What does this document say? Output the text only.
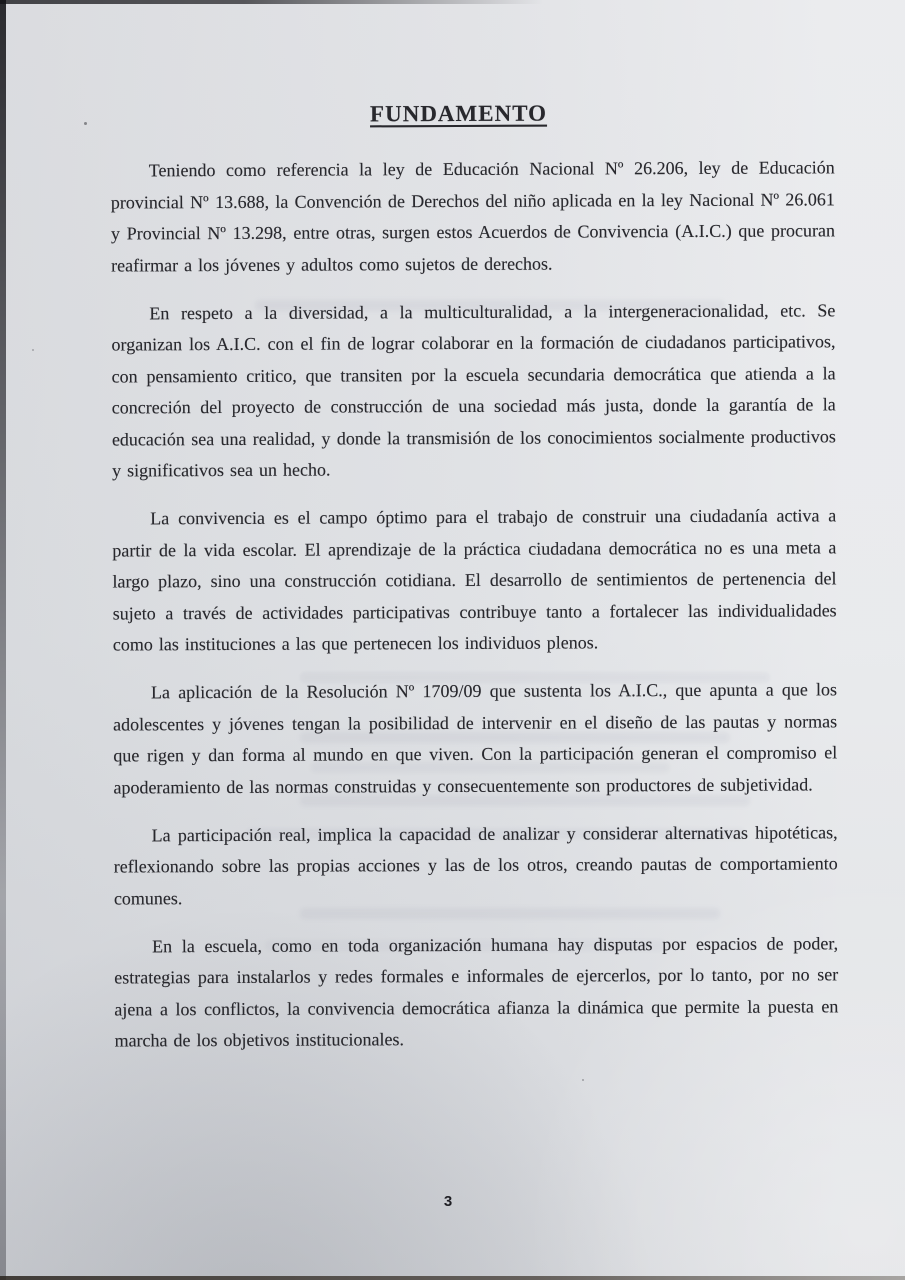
FUNDAMENTO

Teniendo como referencia la ley de Educación Nacional Nº 26.206, ley de Educación provincial Nº 13.688, la Convención de Derechos del niño aplicada en la ley Nacional Nº 26.061 y Provincial Nº 13.298, entre otras, surgen estos Acuerdos de Convivencia (A.I.C.) que procuran reafirmar a los jóvenes y adultos como sujetos de derechos.

En respeto a la diversidad, a la multiculturalidad, a la intergeneracionalidad, etc. Se organizan los A.I.C. con el fin de lograr colaborar en la formación de ciudadanos participativos, con pensamiento critico, que transiten por la escuela secundaria democrática que atienda a la concreción del proyecto de construcción de una sociedad más justa, donde la garantía de la educación sea una realidad, y donde la transmisión de los conocimientos socialmente productivos y significativos sea un hecho.

La convivencia es el campo óptimo para el trabajo de construir una ciudadanía activa a partir de la vida escolar. El aprendizaje de la práctica ciudadana democrática no es una meta a largo plazo, sino una construcción cotidiana. El desarrollo de sentimientos de pertenencia del sujeto a través de actividades participativas contribuye tanto a fortalecer las individualidades como las instituciones a las que pertenecen los individuos plenos.

La aplicación de la Resolución Nº 1709/09 que sustenta los A.I.C., que apunta a que los adolescentes y jóvenes tengan la posibilidad de intervenir en el diseño de las pautas y normas que rigen y dan forma al mundo en que viven. Con la participación generan el compromiso el apoderamiento de las normas construidas y consecuentemente son productores de subjetividad.

La participación real, implica la capacidad de analizar y considerar alternativas hipotéticas, reflexionando sobre las propias acciones y las de los otros, creando pautas de comportamiento comunes.

En la escuela, como en toda organización humana hay disputas por espacios de poder, estrategias para instalarlos y redes formales e informales de ejercerlos, por lo tanto, por no ser ajena a los conflictos, la convivencia democrática afianza la dinámica que permite la puesta en marcha de los objetivos institucionales.

3
